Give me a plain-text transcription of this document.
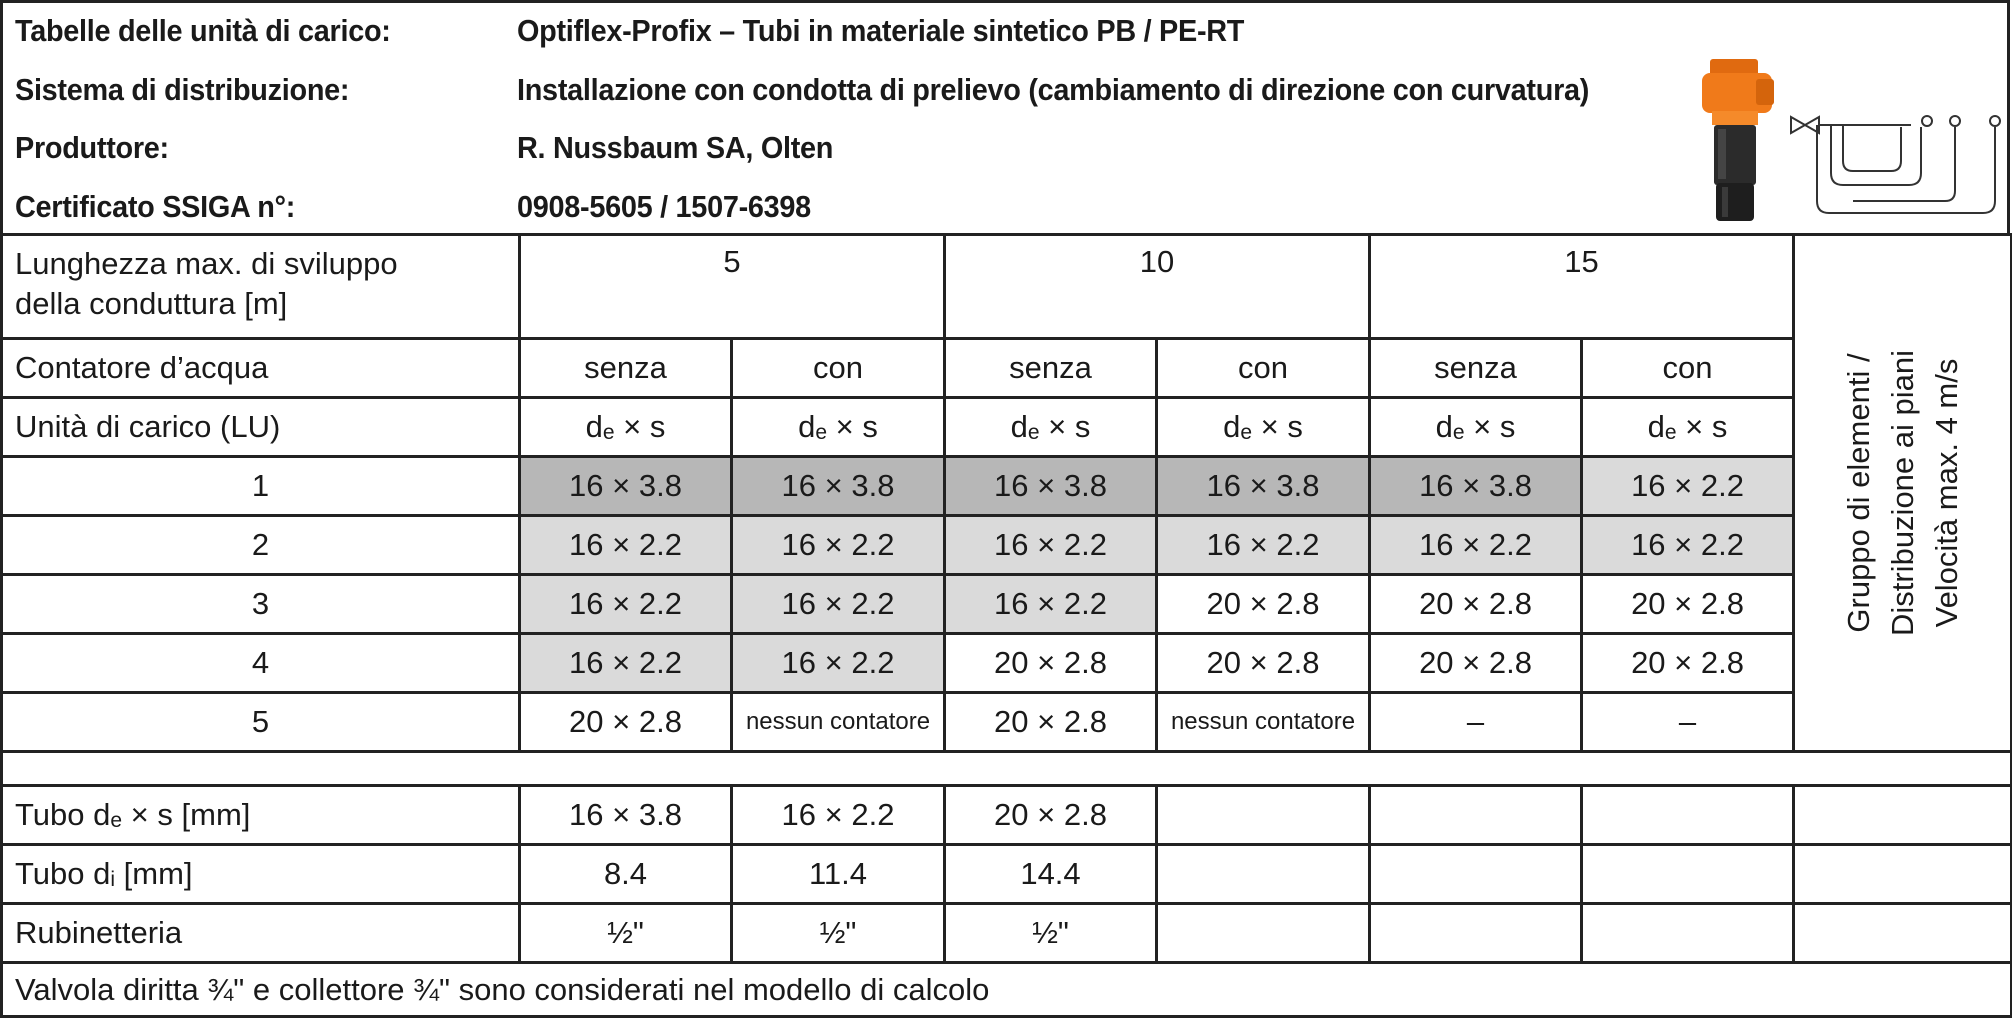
Tabelle delle unità di carico:	Optiflex-Profix – Tubi in materiale sintetico PB / PE-RT
Sistema di distribuzione:	Installazione con condotta di prelievo (cambiamento di direzione con curvatura)
Produttore:	R. Nussbaum SA, Olten
Certificato SSIGA n°:	0908-5605 / 1507-6398
Lunghezza max. di sviluppo
della conduttura [m]	5		10		15		Gruppo di elementi / Distribuzione ai piani Velocità max. 4 m/s

Contatore d’acqua	senza	con	senza	con	senza	con	
Unità di carico (LU)	$d_e \times s$	$d_e \times s$	$d_e \times s$	$d_e \times s$	$d_e \times s$	$d_e \times s$	
1	16 × 3.8	16 × 3.8	16 × 3.8	16 × 3.8	16 × 3.8	16 × 2.2	
2	16 × 2.2	16 × 2.2	16 × 2.2	16 × 2.2	16 × 2.2	16 × 2.2	
3	16 × 2.2	16 × 2.2	16 × 2.2	20 × 2.8	20 × 2.8	20 × 2.8	
4	16 × 2.2	16 × 2.2	20 × 2.8	20 × 2.8	20 × 2.8	20 × 2.8	
5	20 × 2.8	nessun contatore	20 × 2.8	nessun contatore	–	–	

Tubo $d_e \times s$ [mm]	16 × 3.8	16 × 2.2	20 × 2.8				
Tubo $d_i$ [mm]	8.4	11.4	14.4				
Rubinetteria	½"	½"	½"				
Valvola diritta ¾" e collettore ¾" sono considerati nel modello di calcolo							
